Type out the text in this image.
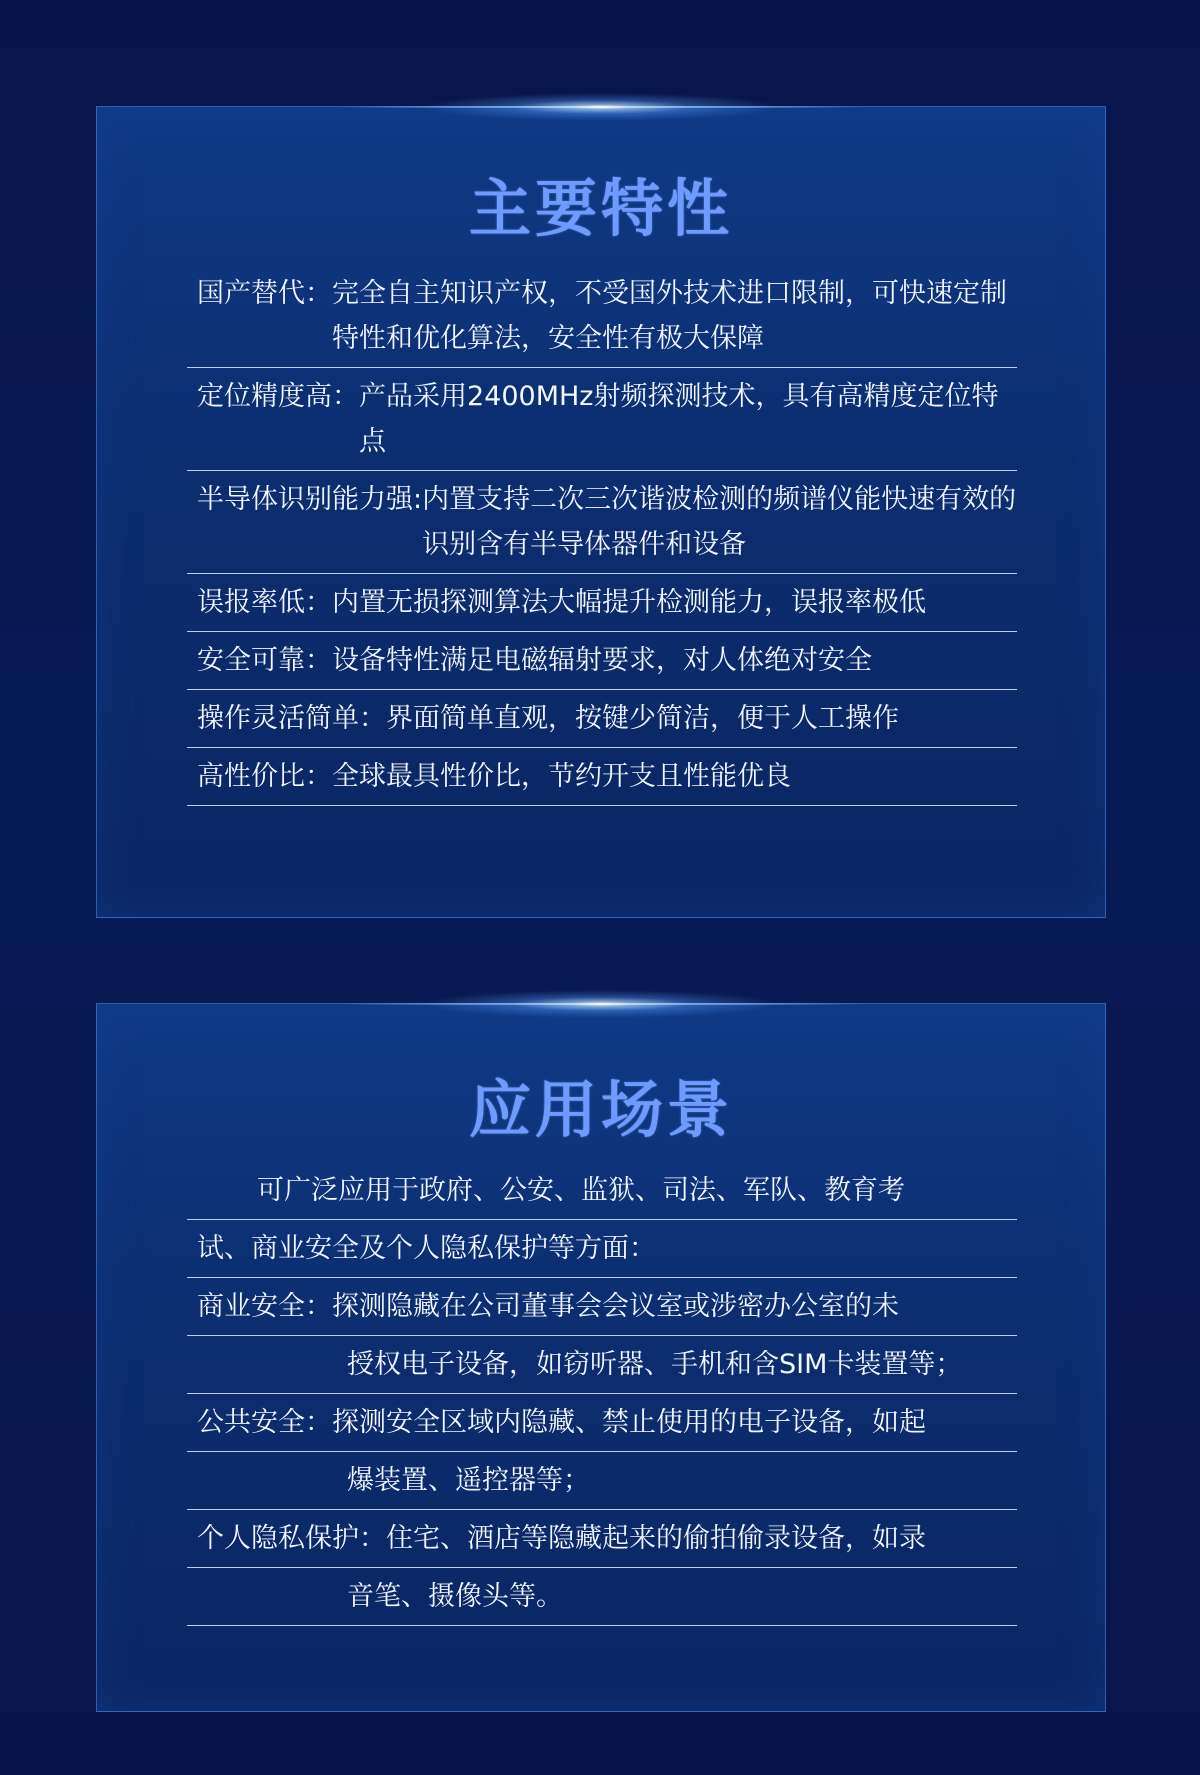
主要特性
国产替代： 完全自主知识产权，不受国外技术进口限制，可快速定制特性和优化算法，安全性有极大保障
定位精度高： 产品采用2400MHz射频探测技术，具有高精度定位特点
半导体识别能力强: 内置支持二次三次谐波检测的频谱仪能快速有效的识别含有半导体器件和设备
误报率低： 内置无损探测算法大幅提升检测能力，误报率极低
安全可靠： 设备特性满足电磁辐射要求，对人体绝对安全
操作灵活简单： 界面简单直观，按键少简洁，便于人工操作
高性价比： 全球最具性价比，节约开支且性能优良
应用场景
可广泛应用于政府、公安、监狱、司法、军队、教育考
试、商业安全及个人隐私保护等方面：
商业安全： 探测隐藏在公司董事会会议室或涉密办公室的未
授权电子设备，如窃听器、手机和含SIM卡装置等；
公共安全： 探测安全区域内隐藏、禁止使用的电子设备，如起
爆装置、遥控器等；
个人隐私保护： 住宅、酒店等隐藏起来的偷拍偷录设备，如录
音笔、摄像头等。
